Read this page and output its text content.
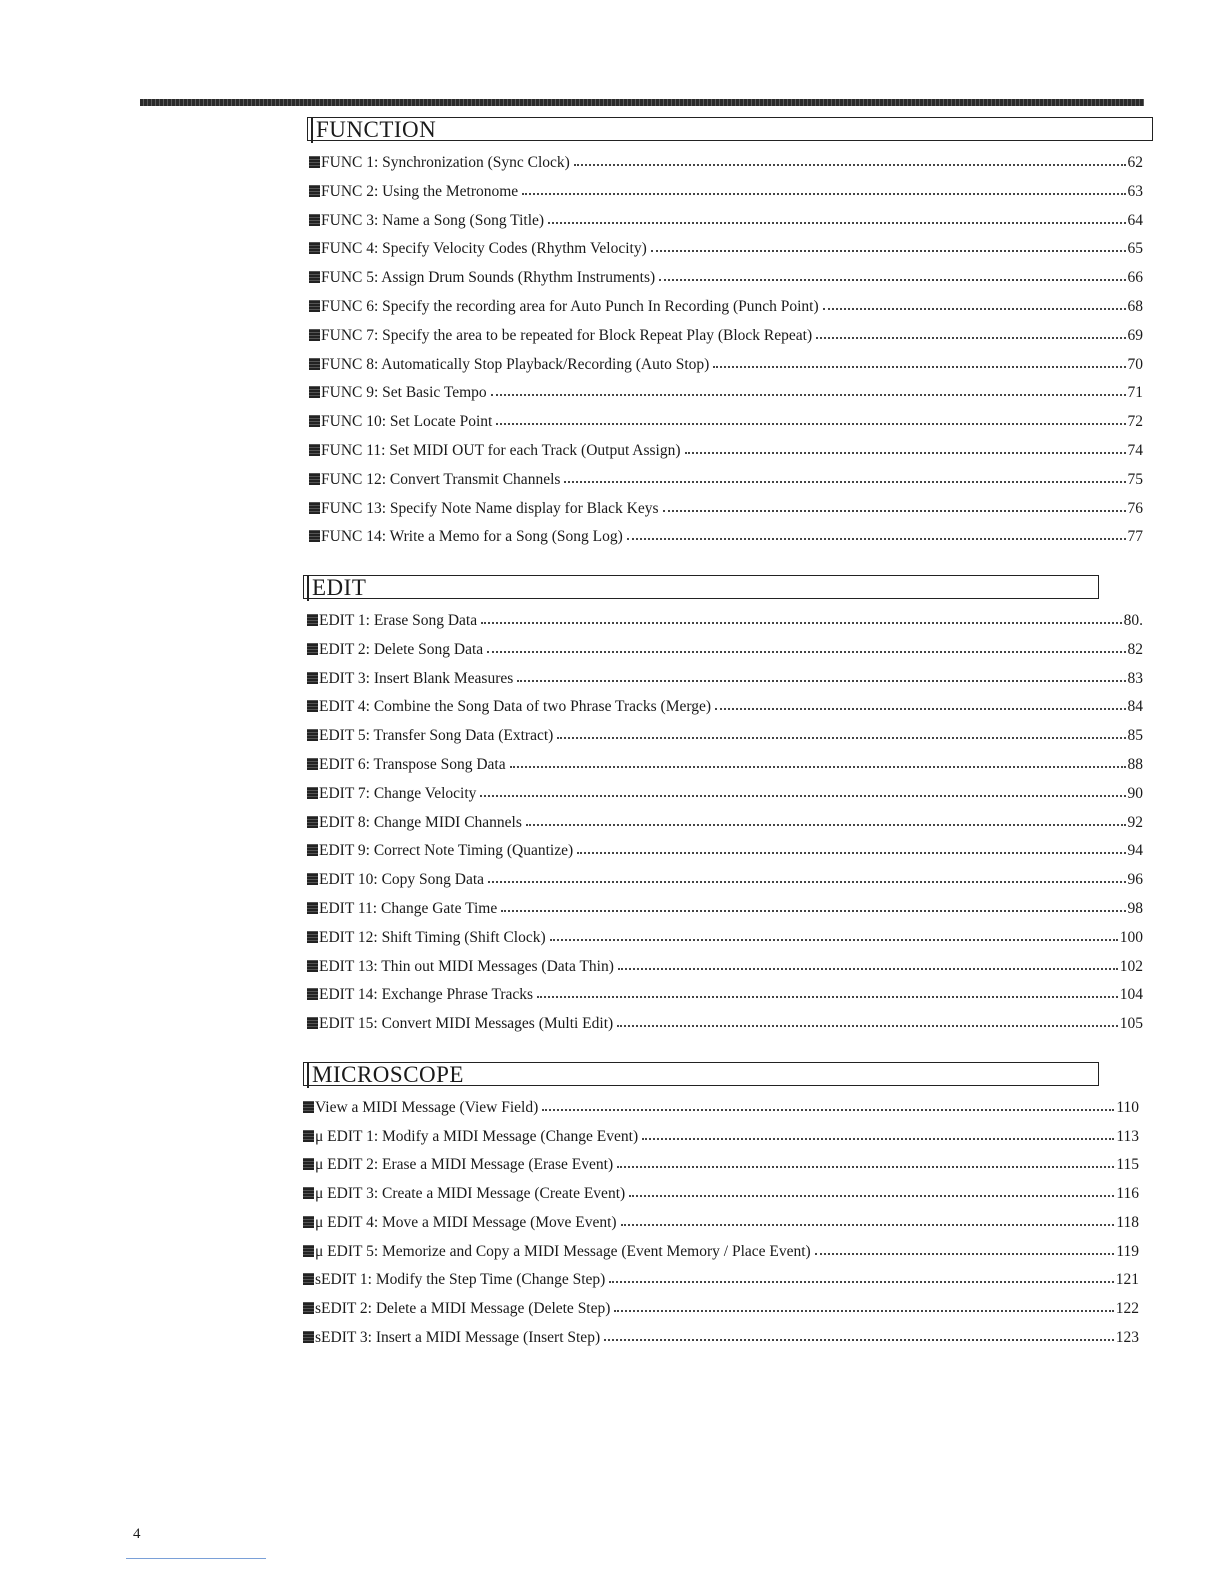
FUNCTION
FUNC 1: Synchronization (Sync Clock)	62
FUNC 2: Using the Metronome	63
FUNC 3: Name a Song (Song Title)	64
FUNC 4: Specify Velocity Codes (Rhythm Velocity)	65
FUNC 5: Assign Drum Sounds (Rhythm Instruments)	66
FUNC 6: Specify the recording area for Auto Punch In Recording (Punch Point)	68
FUNC 7: Specify the area to be repeated for Block Repeat Play (Block Repeat)	69
FUNC 8: Automatically Stop Playback/Recording (Auto Stop)	70
FUNC 9: Set Basic Tempo	71
FUNC 10: Set Locate Point	72
FUNC 11: Set MIDI OUT for each Track (Output Assign)	74
FUNC 12: Convert Transmit Channels	75
FUNC 13: Specify Note Name display for Black Keys	76
FUNC 14: Write a Memo for a Song (Song Log)	77
EDIT
EDIT 1: Erase Song Data	80.
EDIT 2: Delete Song Data	82
EDIT 3: Insert Blank Measures	83
EDIT 4: Combine the Song Data of two Phrase Tracks (Merge)	84
EDIT 5: Transfer Song Data (Extract)	85
EDIT 6: Transpose Song Data	88
EDIT 7: Change Velocity	90
EDIT 8: Change MIDI Channels	92
EDIT 9: Correct Note Timing (Quantize)	94
EDIT 10: Copy Song Data	96
EDIT 11: Change Gate Time	98
EDIT 12: Shift Timing (Shift Clock)	100
EDIT 13: Thin out MIDI Messages (Data Thin)	102
EDIT 14: Exchange Phrase Tracks	104
EDIT 15: Convert MIDI Messages (Multi Edit)	105
MICROSCOPE
View a MIDI Message (View Field)	110
μ EDIT 1: Modify a MIDI Message (Change Event)	113
μ EDIT 2: Erase a MIDI Message (Erase Event)	115
μ EDIT 3: Create a MIDI Message (Create Event)	116
μ EDIT 4: Move a MIDI Message (Move Event)	118
μ EDIT 5: Memorize and Copy a MIDI Message (Event Memory / Place Event)	119
sEDIT 1: Modify the Step Time (Change Step)	121
sEDIT 2: Delete a MIDI Message (Delete Step)	122
sEDIT 3: Insert a MIDI Message (Insert Step)	123
4
